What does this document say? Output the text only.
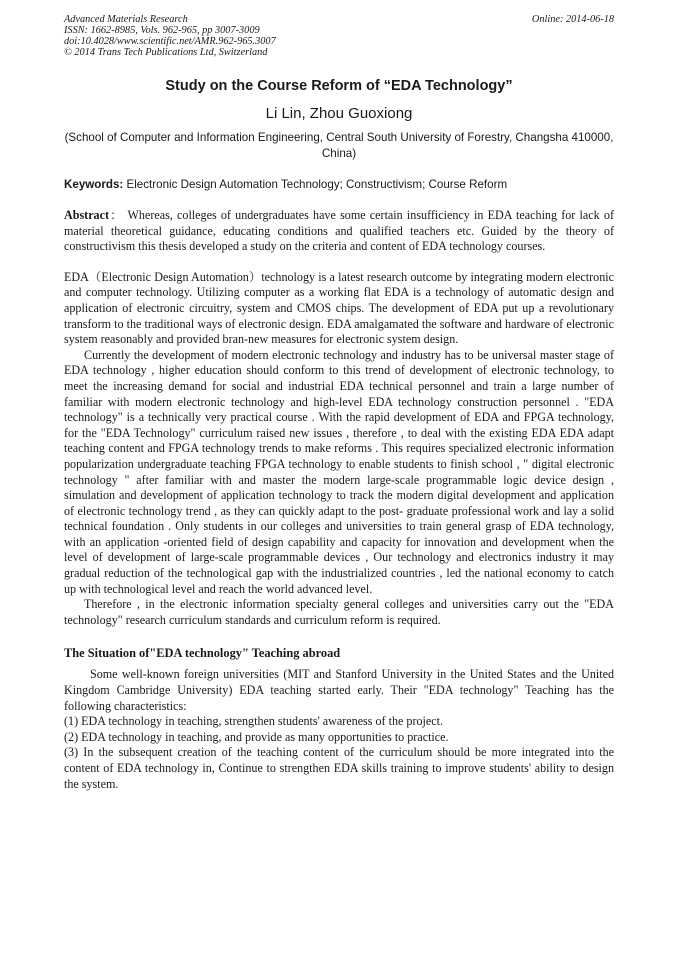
Advanced Materials Research
ISSN: 1662-8985, Vols. 962-965, pp 3007-3009
doi:10.4028/www.scientific.net/AMR.962-965.3007
© 2014 Trans Tech Publications Ltd, Switzerland
Online: 2014-06-18
Study on the Course Reform of “EDA Technology”
Li Lin, Zhou Guoxiong
(School of Computer and Information Engineering, Central South University of Forestry, Changsha 410000, China)
Keywords: Electronic Design Automation Technology; Constructivism; Course Reform
Abstract： Whereas, colleges of undergraduates have some certain insufficiency in EDA teaching for lack of material theoretical guidance, educating conditions and qualified teachers etc. Guided by the theory of constructivism this thesis developed a study on the criteria and content of EDA technology courses.

EDA（Electronic Design Automation）technology is a latest research outcome by integrating modern electronic and computer technology. Utilizing computer as a working flat EDA is a technology of automatic design and application of electronic circuitry, system and CMOS chips. The development of EDA put up a revolutionary transform to the traditional ways of electronic design. EDA amalgamated the software and hardware of electronic system reasonably and provided bran-new measures for electronic system design.

Currently the development of modern electronic technology and industry has to be universal master stage of EDA technology , higher education should conform to this trend of development of electronic technology, to meet the increasing demand for social and industrial EDA technical personnel and train a large number of familiar with modern electronic technology and high-level EDA technology construction personnel . "EDA technology" is a technically very practical course . With the rapid development of EDA and FPGA technology, for the "EDA Technology" curriculum raised new issues , therefore , to deal with the existing EDA EDA adapt teaching content and FPGA technology trends to make reforms . This requires specialized electronic information popularization undergraduate teaching FPGA technology to enable students to finish school , " digital electronic technology " after familiar with and master the modern large-scale programmable logic device design , simulation and development of application technology to track the modern digital development and application of electronic technology trend , as they can quickly adapt to the post- graduate professional work and lay a solid technical foundation . Only students in our colleges and universities to train general grasp of EDA technology, with an application -oriented field of design capability and capacity for innovation and development when the level of development of large-scale programmable devices , Our technology and electronics industry it may gradual reduction of the technological gap with the industrialized countries , led the national economy to catch up with technological level and reach the world advanced level.

Therefore , in the electronic information specialty general colleges and universities carry out the "EDA technology" research curriculum standards and curriculum reform is required.

The Situation of"EDA technology" Teaching abroad

Some well-known foreign universities (MIT and Stanford University in the United States and the United Kingdom Cambridge University) EDA teaching started early. Their "EDA technology" Teaching has the following characteristics:

(1) EDA technology in teaching, strengthen students' awareness of the project.

(2) EDA technology in teaching, and provide as many opportunities to practice.

(3) In the subsequent creation of the teaching content of the curriculum should be more integrated into the content of EDA technology in, Continue to strengthen EDA skills training to improve students' ability to design the system.
